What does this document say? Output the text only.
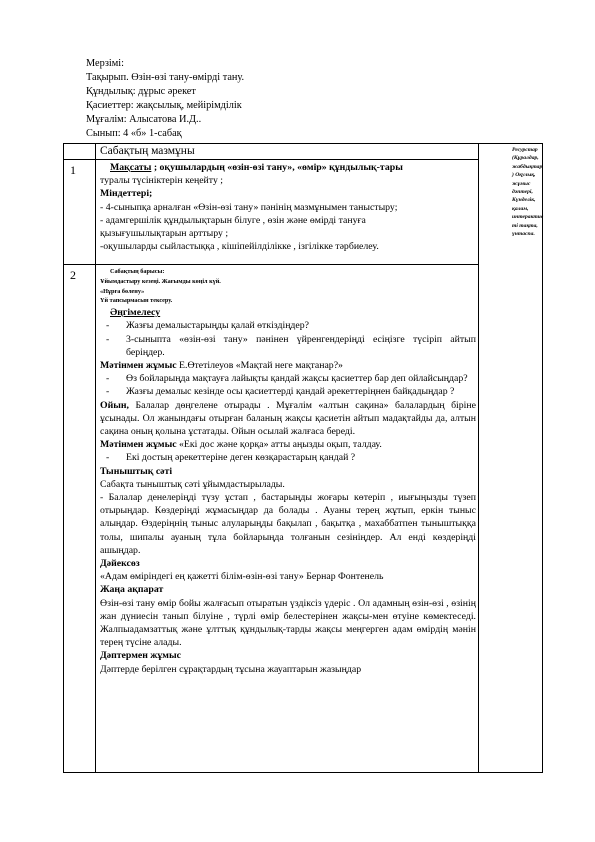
Мерзімі:
Тақырып. Өзін-өзі тану-өмірді тану.
Құндылық: дұрыс әрекет
Қасиеттер: жақсылық, мейірімділік
Мұғалім: Алысатова И.Д..
Сынып: 4 «б» 1-сабақ
Ресурстар (Құралдар, жабдықтар) Оқулық, жұмыс дәптері, Күнделік, қалам, интерактивті тақта, үнтаспа.
Сабақтың мазмұны
1	Мақсаты ; оқушылардың «өзін-өзі тану», «өмір» құндылық-тары
туралы түсініктерін кеңейту ;
Міндеттері;
- 4-сыныпқа арналған «Өзін-өзі тану» пәнінің мазмұнымен таныстыру;
- адамгершілік құндылықтарын білуге , өзін және өмірді тануға
қызығушылықтарын арттыру ;
-оқушыларды сыйластыққа , кішіпейілділікке , ізгілікке тәрбиелеу.
2	Сабақтың барысы:
Ұйымдастыру кезеңі. Жағымды көңіл күй.
«Нұрға бөлену»
Үй тапсырмасын тексеру.
Әңгімелесу
- Жазғы демалыстарыңды қалай өткіздіңдер?
- 3-сыныпта «өзін-өзі тану» пәнінен үйренгендеріңді есіңізге түсіріп айтып беріңдер.
Мәтінмен жұмыс Е.Өтетілеуов «Мақтай неге мақтанар?»
- Өз бойларыңда мақтауға лайықты қандай жақсы қасиеттер бар деп ойлайсыңдар?
- Жазғы демалыс кезінде осы қасиеттерді қандай әрекеттеріңнен байқадыңдар ?
Ойын, Балалар дөңгелене отырады . Мұғалім «алтын сақина» балалардың біріне ұсынады. Ол жанындағы отырған баланың жақсы қасиетін айтып мадақтайды да, алтын сақина оның қолына ұстатады. Ойын осылай жалғаса береді.
Мәтінмен жұмыс «Екі дос және қорқа» атты аңызды оқып, талдау.
- Екі достың әрекеттеріне деген көзқарастарың қандай ?
Тыныштық сәті
Сабақта тыныштық сәті ұйымдастырылады.
- Балалар денелеріңді түзу ұстап , бастарыңды жоғары көтеріп , иығыңызды түзеп отырыңдар. Көздеріңді жұмасыңдар да болады . Ауаны терең жұтып, еркін тыныс алыңдар. Өздеріңнің тыныс алуларыңды бақылап , бақытқа , махаббатпен тыныштыққа толы, шипалы ауаның тұла бойларыңда толғанын сезініңдер. Ал енді көздеріңді ашыңдар.
Дәйексөз
«Адам өміріндегі ең қажетті білім-өзін-өзі тану» Бернар Фонтенель
Жаңа ақпарат
Өзін-өзі тану өмір бойы жалғасып отыратын үздіксіз үдеріс . Ол адамның өзін-өзі , өзінің жан дүниесін танып білуіне , түрлі өмір белестерінен жақсы-мен өтуіне көмектеседі. Жалпыадамзаттық және ұлттық құндылық-тарды жақсы меңгерген адам өмірдің мәнін терең түсіне алады.
Дәптермен жұмыс
Дәптерде берілген сұрақтардың тұсына жауаптарын жазыңдар
